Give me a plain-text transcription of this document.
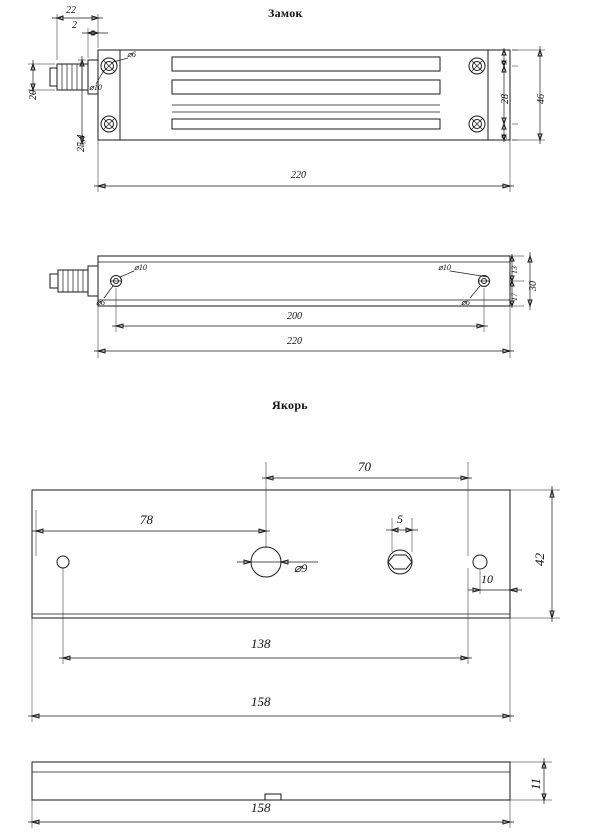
Замок
Якорь
22
2
⌀6
⌀10
20
25,4
9
28
9
46
220
⌀10
⌀6
⌀10
⌀6
13
17
30
200
220
70
78	5
⌀9
10
42
138
158
11
158
